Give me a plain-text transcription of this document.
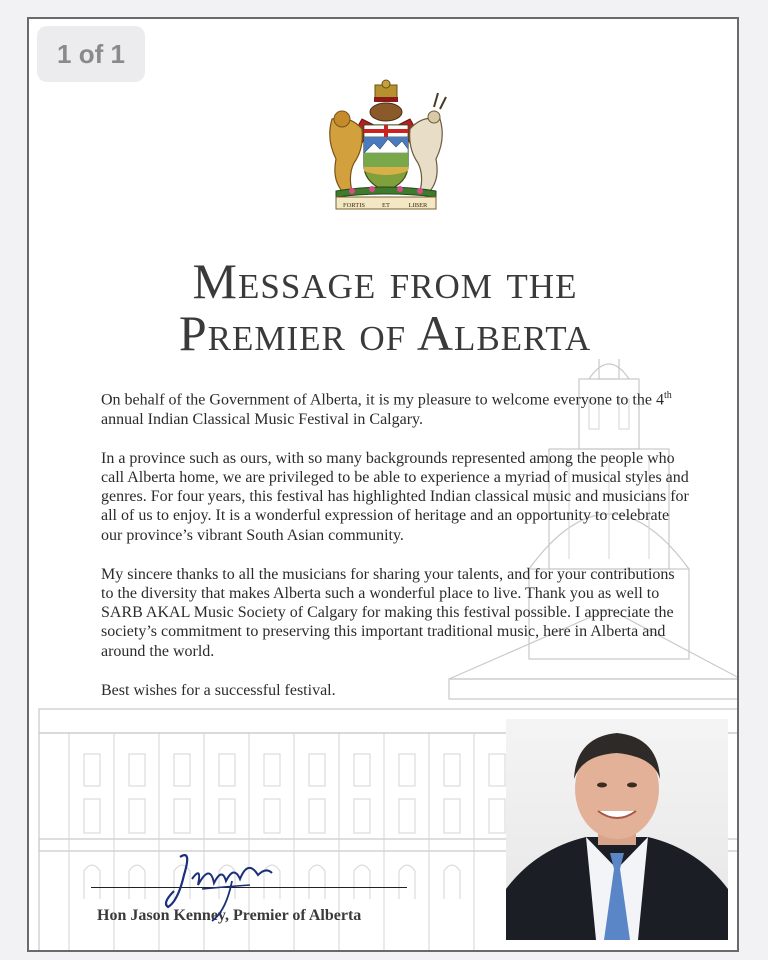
1 of 1
FORTIS	ET	LIBER
Message from the
Premier of Alberta

On behalf of the Government of Alberta, it is my pleasure to welcome everyone to the 4th annual Indian Classical Music Festival in Calgary.

In a province such as ours, with so many backgrounds represented among the people who call Alberta home, we are privileged to be able to experience a myriad of musical styles and genres. For four years, this festival has highlighted Indian classical music and musicians for all of us to enjoy. It is a wonderful expression of heritage and an opportunity to celebrate our province’s vibrant South Asian community.

My sincere thanks to all the musicians for sharing your talents, and for your contributions to the diversity that makes Alberta such a wonderful place to live. Thank you as well to SARB AKAL Music Society of Calgary for making this festival possible. I appreciate the society’s commitment to preserving this important traditional music, here in Alberta and around the world.

Best wishes for a successful festival.

Hon Jason Kenney, Premier of Alberta
